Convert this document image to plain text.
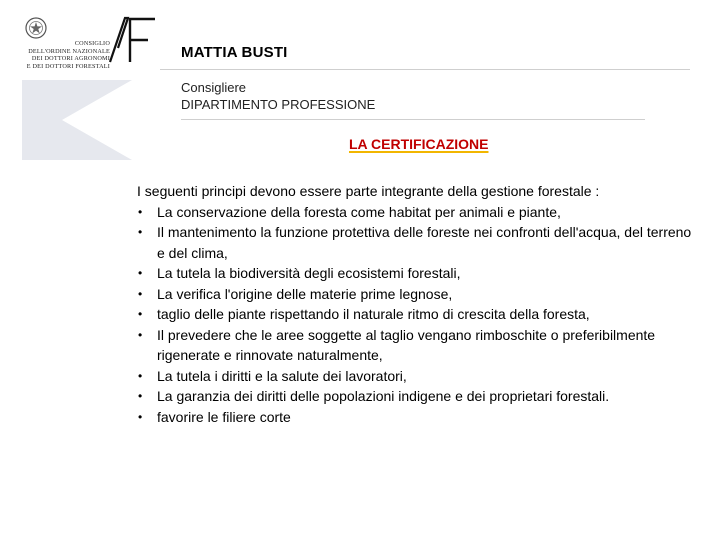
CONSIGLIO
DELL'ORDINE NAZIONALE
DEI DOTTORI AGRONOMI
E DEI DOTTORI FORESTALI
MATTIA BUSTI
Consigliere
DIPARTIMENTO PROFESSIONE
LA CERTIFICAZIONE

I seguenti principi devono essere parte integrante della gestione forestale :

• La conservazione della foresta come habitat per animali e piante,
• Il mantenimento la funzione protettiva delle foreste nei confronti dell'acqua, del terreno e del clima,
• La tutela la biodiversità degli ecosistemi forestali,
• La verifica l'origine delle materie prime legnose,
• taglio delle piante rispettando il naturale ritmo di crescita della foresta,
• Il prevedere che le aree soggette al taglio vengano rimboschite o preferibilmente rigenerate e rinnovate naturalmente,
• La tutela i diritti e la salute dei lavoratori,
• La garanzia dei diritti delle popolazioni indigene e dei proprietari forestali.
• favorire le filiere corte
